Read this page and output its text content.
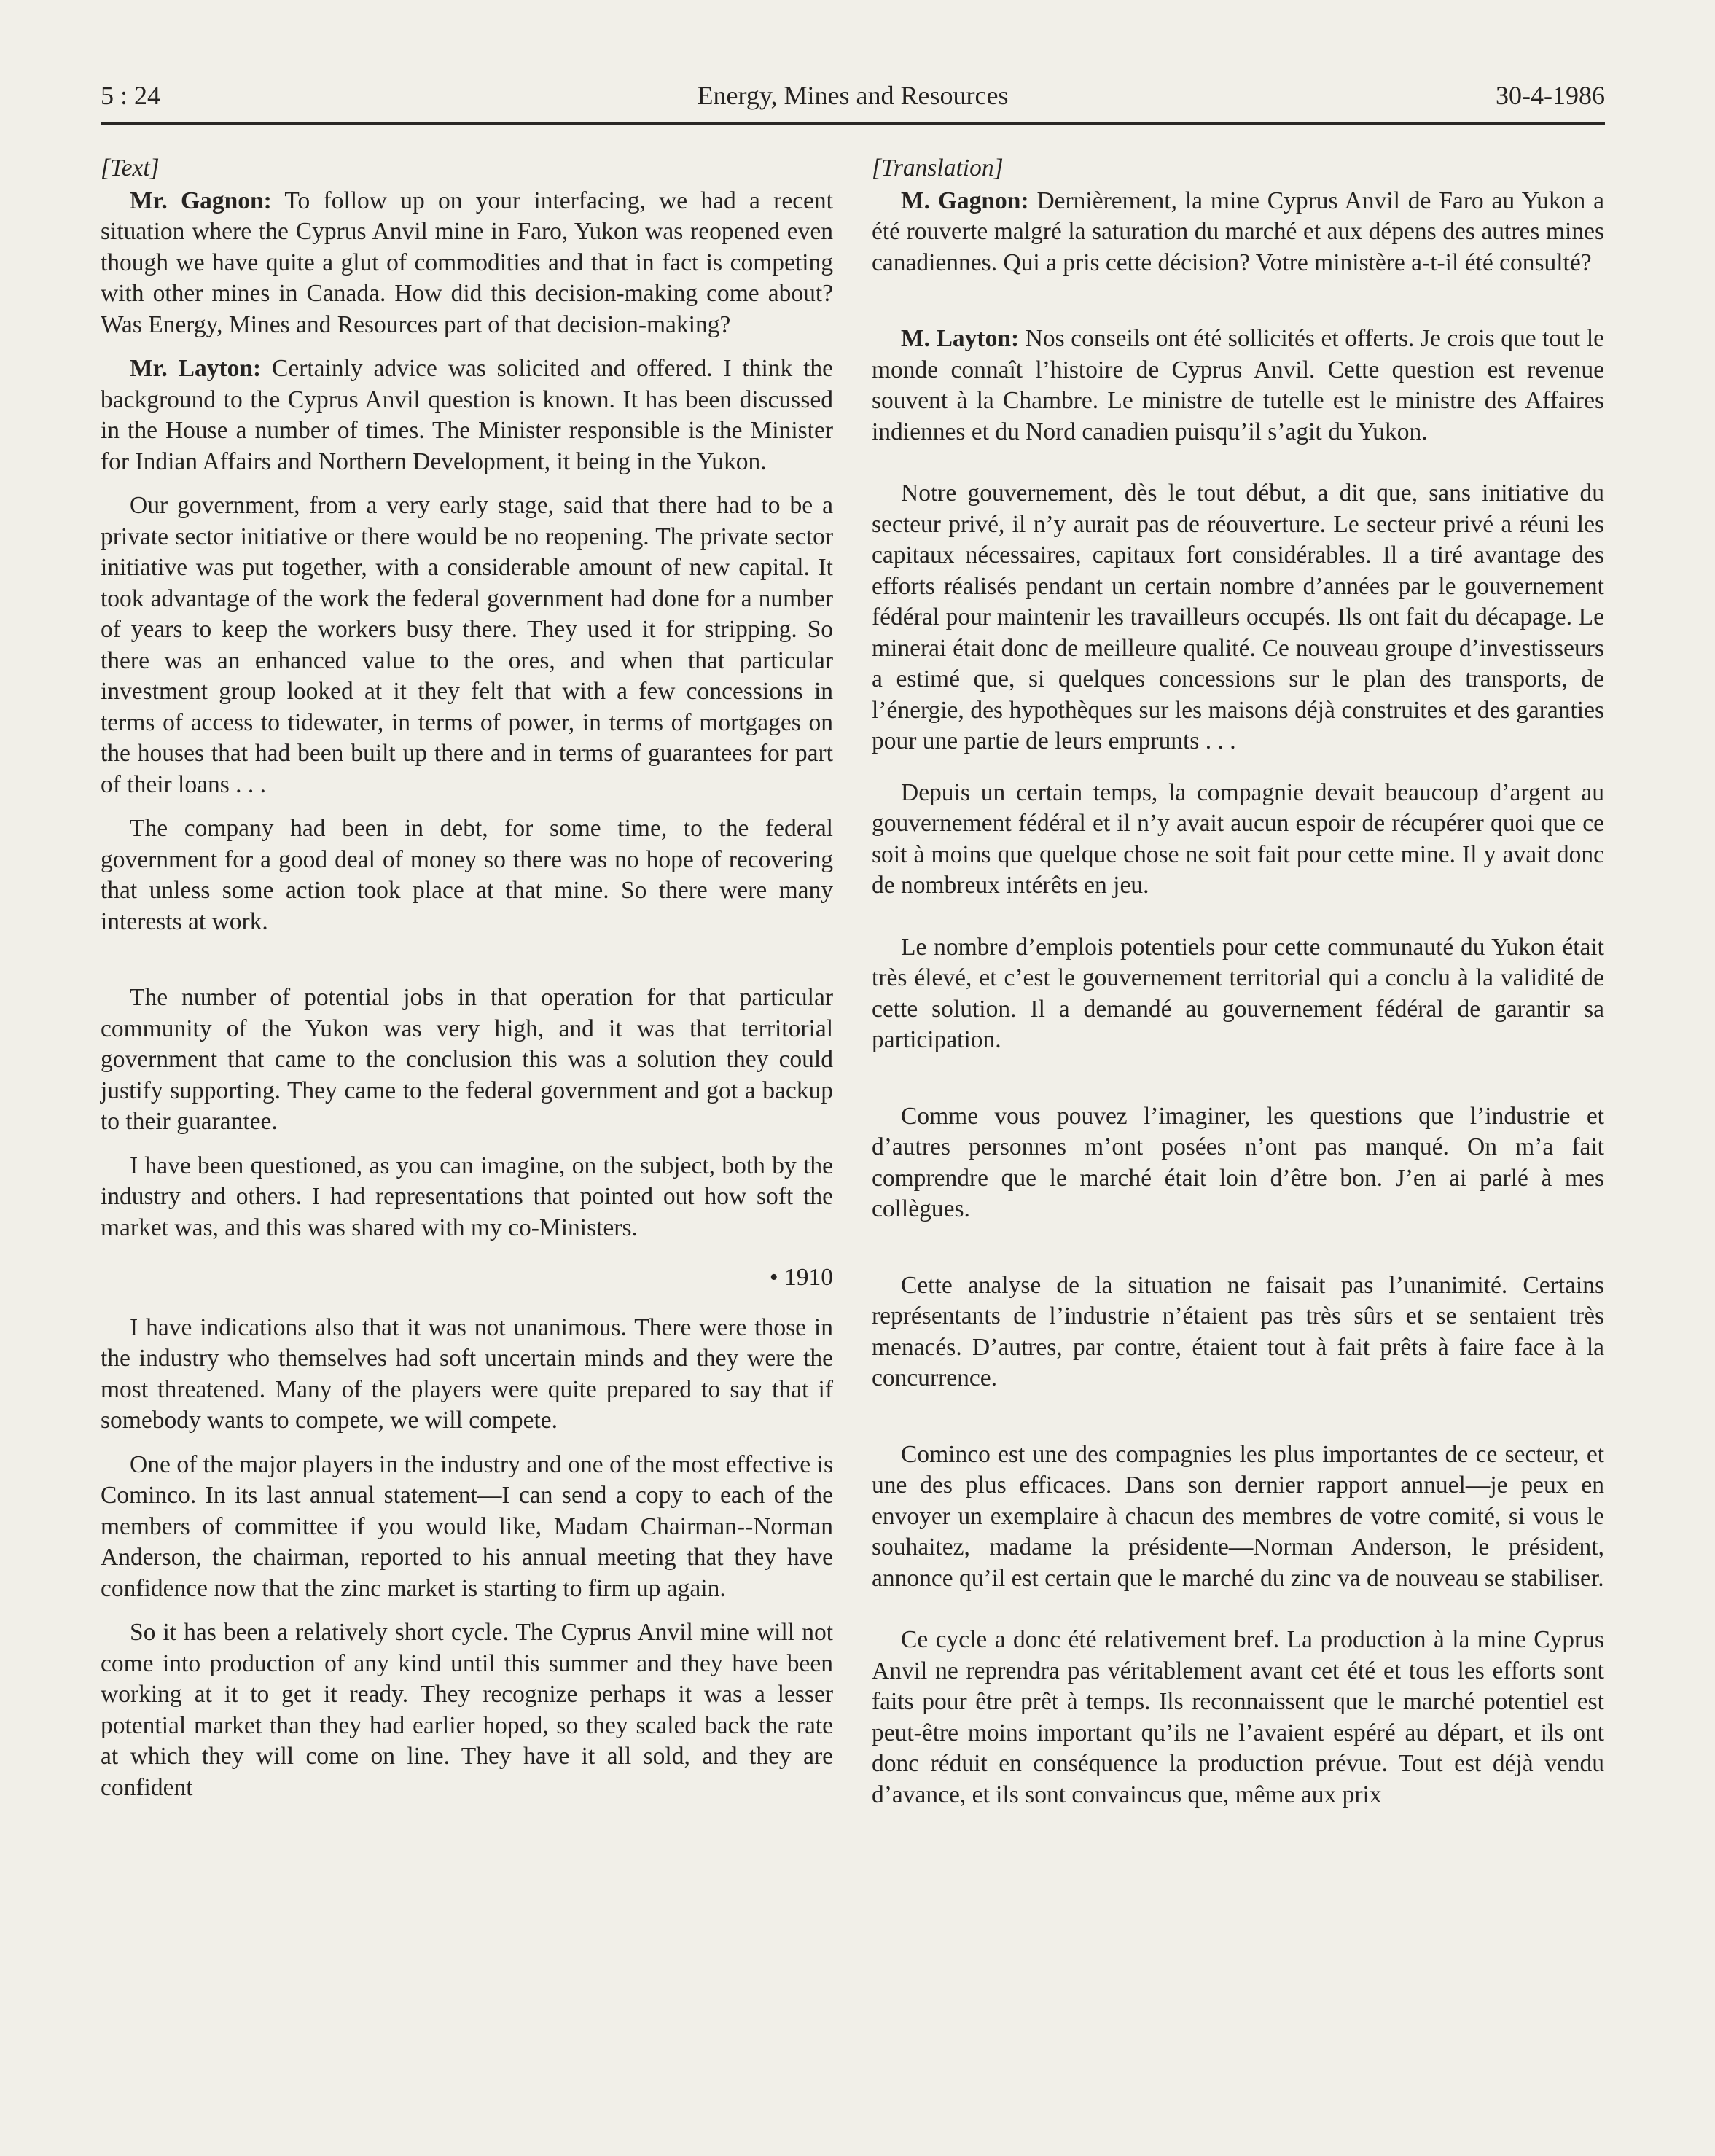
5 : 24	Energy, Mines and Resources	30-4-1986

[Text]

Mr. Gagnon: To follow up on your interfacing, we had a recent situation where the Cyprus Anvil mine in Faro, Yukon was reopened even though we have quite a glut of commodities and that in fact is competing with other mines in Canada. How did this decision-making come about? Was Energy, Mines and Resources part of that decision-making?

Mr. Layton: Certainly advice was solicited and offered. I think the background to the Cyprus Anvil question is known. It has been discussed in the House a number of times. The Minister responsible is the Minister for Indian Affairs and Northern Development, it being in the Yukon.

Our government, from a very early stage, said that there had to be a private sector initiative or there would be no reopening. The private sector initiative was put together, with a considerable amount of new capital. It took advantage of the work the federal government had done for a number of years to keep the workers busy there. They used it for stripping. So there was an enhanced value to the ores, and when that particular investment group looked at it they felt that with a few concessions in terms of access to tidewater, in terms of power, in terms of mortgages on the houses that had been built up there and in terms of guarantees for part of their loans . . .

The company had been in debt, for some time, to the federal government for a good deal of money so there was no hope of recovering that unless some action took place at that mine. So there were many interests at work.

The number of potential jobs in that operation for that particular community of the Yukon was very high, and it was that territorial government that came to the conclusion this was a solution they could justify supporting. They came to the federal government and got a backup to their guarantee.

I have been questioned, as you can imagine, on the subject, both by the industry and others. I had representations that pointed out how soft the market was, and this was shared with my co-Ministers.

• 1910

I have indications also that it was not unanimous. There were those in the industry who themselves had soft uncertain minds and they were the most threatened. Many of the players were quite prepared to say that if somebody wants to compete, we will compete.

One of the major players in the industry and one of the most effective is Cominco. In its last annual statement—I can send a copy to each of the members of committee if you would like, Madam Chairman--Norman Anderson, the chairman, reported to his annual meeting that they have confidence now that the zinc market is starting to firm up again.

So it has been a relatively short cycle. The Cyprus Anvil mine will not come into production of any kind until this summer and they have been working at it to get it ready. They recognize perhaps it was a lesser potential market than they had earlier hoped, so they scaled back the rate at which they will come on line. They have it all sold, and they are confident

[Translation]

M. Gagnon: Dernièrement, la mine Cyprus Anvil de Faro au Yukon a été rouverte malgré la saturation du marché et aux dépens des autres mines canadiennes. Qui a pris cette décision? Votre ministère a-t-il été consulté?

M. Layton: Nos conseils ont été sollicités et offerts. Je crois que tout le monde connaît l’histoire de Cyprus Anvil. Cette question est revenue souvent à la Chambre. Le ministre de tutelle est le ministre des Affaires indiennes et du Nord canadien puisqu’il s’agit du Yukon.

Notre gouvernement, dès le tout début, a dit que, sans initiative du secteur privé, il n’y aurait pas de réouverture. Le secteur privé a réuni les capitaux nécessaires, capitaux fort considérables. Il a tiré avantage des efforts réalisés pendant un certain nombre d’années par le gouvernement fédéral pour maintenir les travailleurs occupés. Ils ont fait du décapage. Le minerai était donc de meilleure qualité. Ce nouveau groupe d’investisseurs a estimé que, si quelques concessions sur le plan des transports, de l’énergie, des hypothèques sur les maisons déjà construites et des garanties pour une partie de leurs emprunts . . .

Depuis un certain temps, la compagnie devait beaucoup d’argent au gouvernement fédéral et il n’y avait aucun espoir de récupérer quoi que ce soit à moins que quelque chose ne soit fait pour cette mine. Il y avait donc de nombreux intérêts en jeu.

Le nombre d’emplois potentiels pour cette communauté du Yukon était très élevé, et c’est le gouvernement territorial qui a conclu à la validité de cette solution. Il a demandé au gouvernement fédéral de garantir sa participation.

Comme vous pouvez l’imaginer, les questions que l’industrie et d’autres personnes m’ont posées n’ont pas manqué. On m’a fait comprendre que le marché était loin d’être bon. J’en ai parlé à mes collègues.

Cette analyse de la situation ne faisait pas l’unanimité. Certains représentants de l’industrie n’étaient pas très sûrs et se sentaient très menacés. D’autres, par contre, étaient tout à fait prêts à faire face à la concurrence.

Cominco est une des compagnies les plus importantes de ce secteur, et une des plus efficaces. Dans son dernier rapport annuel—je peux en envoyer un exemplaire à chacun des membres de votre comité, si vous le souhaitez, madame la présidente—Norman Anderson, le président, annonce qu’il est certain que le marché du zinc va de nouveau se stabiliser.

Ce cycle a donc été relativement bref. La production à la mine Cyprus Anvil ne reprendra pas véritablement avant cet été et tous les efforts sont faits pour être prêt à temps. Ils reconnaissent que le marché potentiel est peut-être moins important qu’ils ne l’avaient espéré au départ, et ils ont donc réduit en conséquence la production prévue. Tout est déjà vendu d’avance, et ils sont convaincus que, même aux prix
